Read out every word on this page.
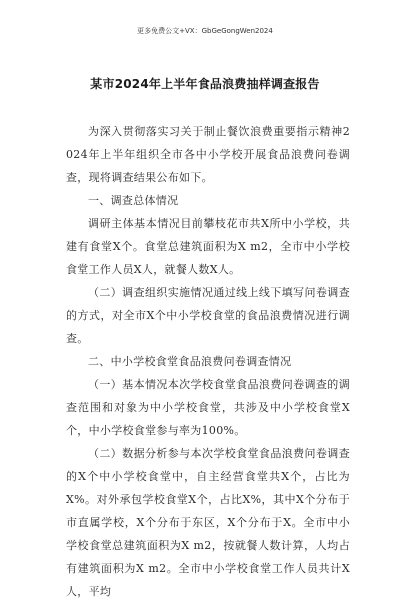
更多免费公文+VX：GbGeGongWen2024
某市2024年上半年食品浪费抽样调查报告

为深入贯彻落实习关于制止餐饮浪费重要指示精神2024年上半年组织全市各中小学校开展食品浪费问卷调查，现将调查结果公布如下。

一、调查总体情况

调研主体基本情况目前攀枝花市共X所中小学校，共建有食堂X个。食堂总建筑面积为X m2，全市中小学校食堂工作人员X人，就餐人数X人。

（二）调查组织实施情况通过线上线下填写问卷调查的方式，对全市X个中小学校食堂的食品浪费情况进行调查。

二、中小学校食堂食品浪费问卷调查情况

（一）基本情况本次学校食堂食品浪费问卷调查的调查范围和对象为中小学校食堂，共涉及中小学校食堂X个，中小学校食堂参与率为100%。

（二）数据分析参与本次学校食堂食品浪费问卷调查的X个中小学校食堂中，自主经营食堂共X个，占比为X%。对外承包学校食堂X个，占比X%，其中X个分布于市直属学校，X个分布于东区，X个分布于X。全市中小学校食堂总建筑面积为X m2，按就餐人数计算，人均占有建筑面积为X m2。全市中小学校食堂工作人员共计X人，平均
